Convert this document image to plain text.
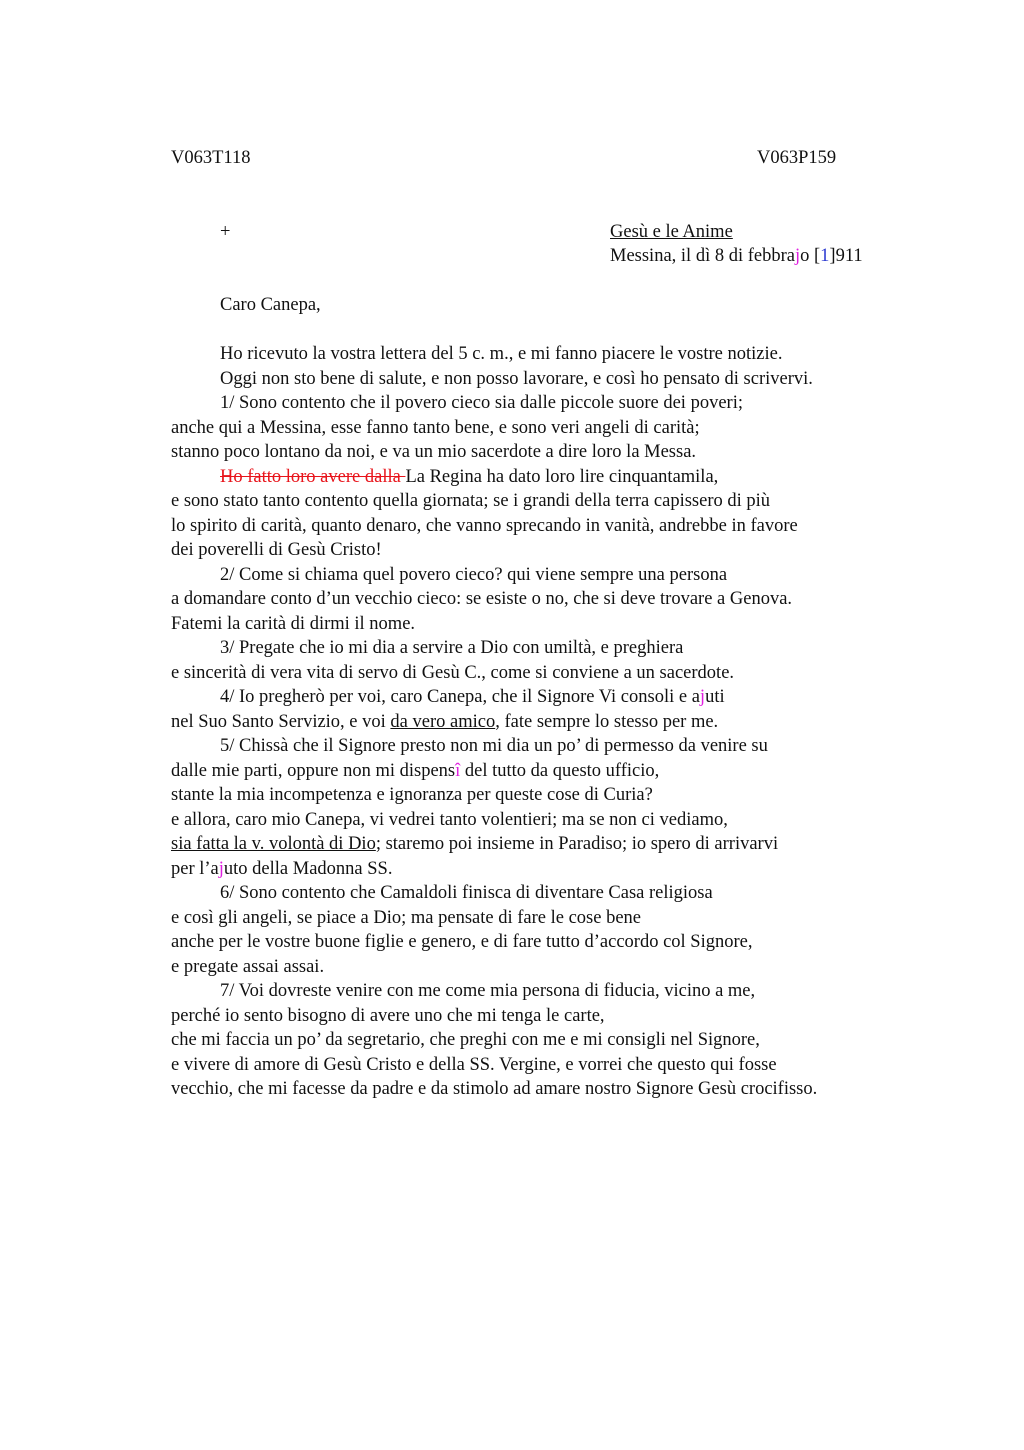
V063T118	V063P159
+	Gesù e le Anime
Messina, il dì 8 di febbrajo [1]911
Caro Canepa,
Ho ricevuto la vostra lettera del 5 c. m., e mi fanno piacere le vostre notizie.
Oggi non sto bene di salute, e non posso lavorare, e così ho pensato di scrivervi.
1/ Sono contento che il povero cieco sia dalle piccole suore dei poveri;
anche qui a Messina, esse fanno tanto bene, e sono veri angeli di carità;
stanno poco lontano da noi, e va un mio sacerdote a dire loro la Messa.
Ho fatto loro avere dalla La Regina ha dato loro lire cinquantamila,
e sono stato tanto contento quella giornata; se i grandi della terra capissero di più
lo spirito di carità, quanto denaro, che vanno sprecando in vanità, andrebbe in favore
dei poverelli di Gesù Cristo!
2/ Come si chiama quel povero cieco? qui viene sempre una persona
a domandare conto d’un vecchio cieco: se esiste o no, che si deve trovare a Genova.
Fatemi la carità di dirmi il nome.
3/ Pregate che io mi dia a servire a Dio con umiltà, e preghiera
e sincerità di vera vita di servo di Gesù C., come si conviene a un sacerdote.
4/ Io pregherò per voi, caro Canepa, che il Signore Vi consoli e ajuti
nel Suo Santo Servizio, e voi da vero amico, fate sempre lo stesso per me.
5/ Chissà che il Signore presto non mi dia un po’ di permesso da venire su
dalle mie parti, oppure non mi dispensî del tutto da questo ufficio,
stante la mia incompetenza e ignoranza per queste cose di Curia?
e allora, caro mio Canepa, vi vedrei tanto volentieri; ma se non ci vediamo,
sia fatta la v. volontà di Dio; staremo poi insieme in Paradiso; io spero di arrivarvi
per l’ajuto della Madonna SS.
6/ Sono contento che Camaldoli finisca di diventare Casa religiosa
e così gli angeli, se piace a Dio; ma pensate di fare le cose bene
anche per le vostre buone figlie e genero, e di fare tutto d’accordo col Signore,
e pregate assai assai.
7/ Voi dovreste venire con me come mia persona di fiducia, vicino a me,
perché io sento bisogno di avere uno che mi tenga le carte,
che mi faccia un po’ da segretario, che preghi con me e mi consigli nel Signore,
e vivere di amore di Gesù Cristo e della SS. Vergine, e vorrei che questo qui fosse
vecchio, che mi facesse da padre e da stimolo ad amare nostro Signore Gesù crocifisso.
